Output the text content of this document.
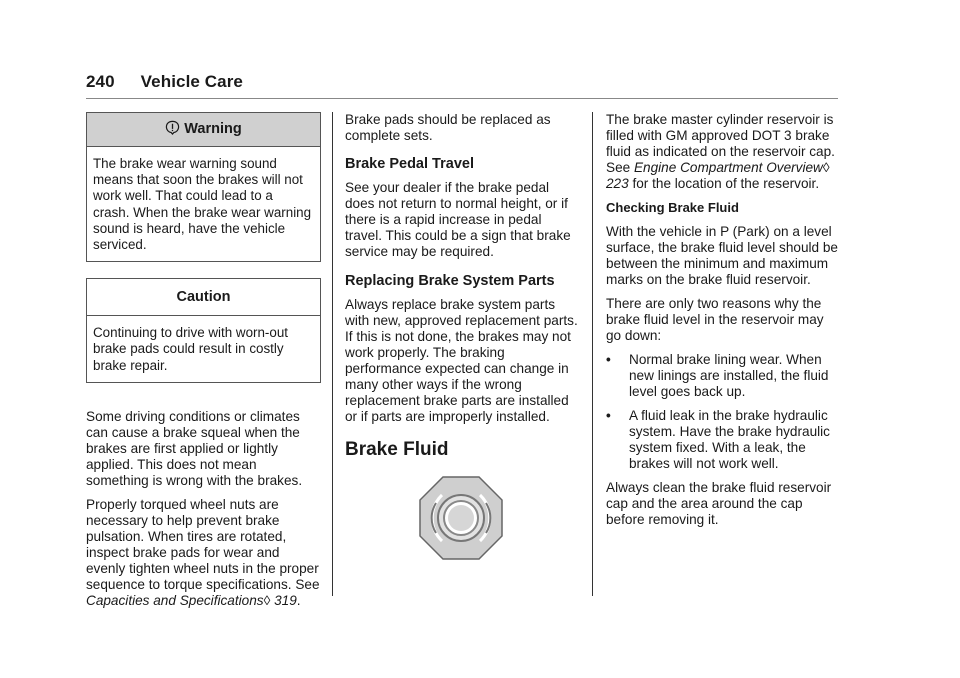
240 Vehicle Care
Warning
The brake wear warning sound means that soon the brakes will not work well. That could lead to a crash. When the brake wear warning sound is heard, have the vehicle serviced.
Caution
Continuing to drive with worn-out brake pads could result in costly brake repair.

Some driving conditions or climates can cause a brake squeal when the brakes are first applied or lightly applied. This does not mean something is wrong with the brakes.

Properly torqued wheel nuts are necessary to help prevent brake pulsation. When tires are rotated, inspect brake pads for wear and evenly tighten wheel nuts in the proper sequence to torque specifications. See Capacities and Specifications◊ 319.

Brake pads should be replaced as complete sets.

Brake Pedal Travel

See your dealer if the brake pedal does not return to normal height, or if there is a rapid increase in pedal travel. This could be a sign that brake service may be required.

Replacing Brake System Parts

Always replace brake system parts with new, approved replacement parts. If this is not done, the brakes may not work properly. The braking performance expected can change in many other ways if the wrong replacement brake parts are installed or if parts are improperly installed.

Brake Fluid

The brake master cylinder reservoir is filled with GM approved DOT 3 brake fluid as indicated on the reservoir cap. See Engine Compartment Overview◊ 223 for the location of the reservoir.

Checking Brake Fluid

With the vehicle in P (Park) on a level surface, the brake fluid level should be between the minimum and maximum marks on the brake fluid reservoir.

There are only two reasons why the brake fluid level in the reservoir may go down:

•	Normal brake lining wear. When new linings are installed, the fluid level goes back up.
•	A fluid leak in the brake hydraulic system. Have the brake hydraulic system fixed. With a leak, the brakes will not work well.

Always clean the brake fluid reservoir cap and the area around the cap before removing it.
